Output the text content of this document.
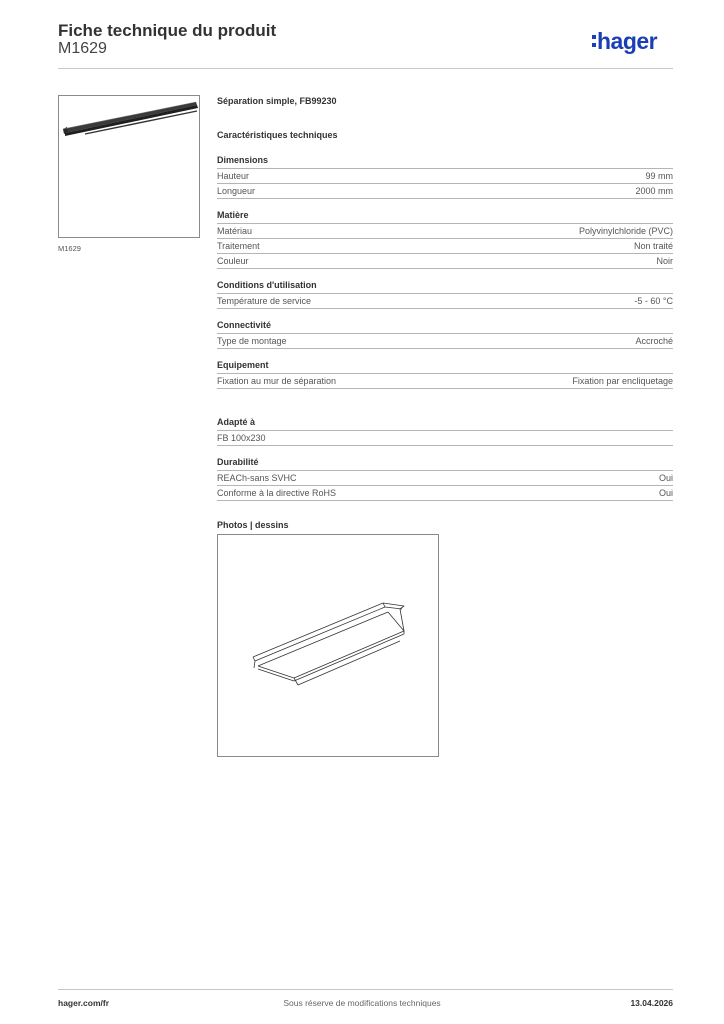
Fiche technique du produit
M1629	hager
M1629
Séparation simple, FB99230
Caractéristiques techniques
Dimensions
Hauteur	99 mm
Longueur	2000 mm
Matière
Matériau	Polyvinylchloride (PVC)
Traitement	Non traité
Couleur	Noir
Conditions d'utilisation
Température de service	-5 - 60 °C
Connectivité
Type de montage	Accroché
Equipement
Fixation au mur de séparation	Fixation par encliquetage
Adapté à
FB 100x230
Durabilité
REACh-sans SVHC	Oui
Conforme à la directive RoHS	Oui
Photos | dessins
hager.com/fr	Sous réserve de modifications techniques	13.04.2026
